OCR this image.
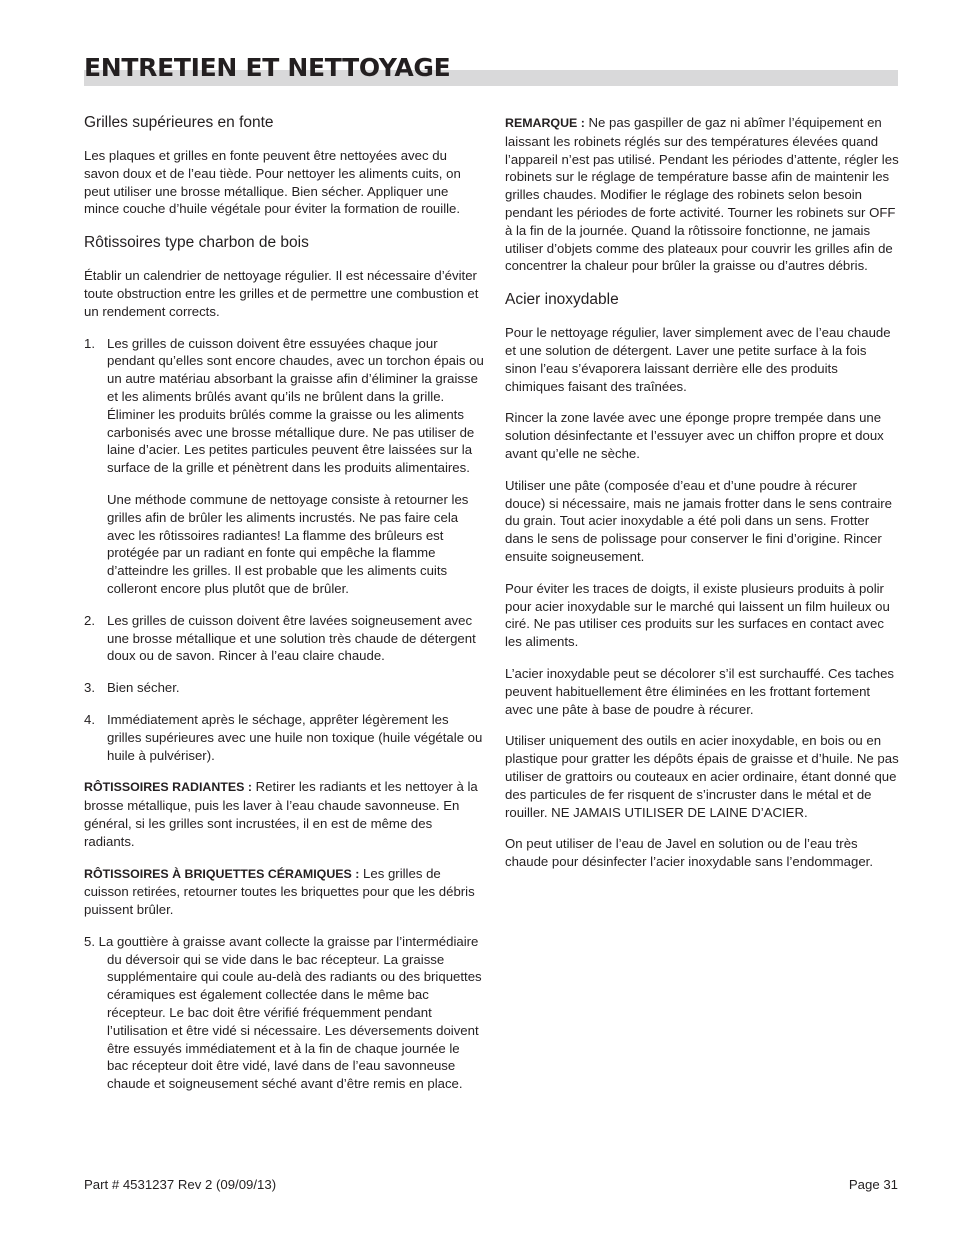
ENTRETIEN ET NETTOYAGE
Grilles supérieures en fonte

Les plaques et grilles en fonte peuvent être nettoyées avec du savon doux et de l’eau tiède. Pour nettoyer les aliments cuits, on peut utiliser une brosse métallique. Bien sécher. Appliquer une mince couche d’huile végétale pour éviter la formation de rouille.

Rôtissoires type charbon de bois

Établir un calendrier de nettoyage régulier. Il est nécessaire d’éviter toute obstruction entre les grilles et de permettre une combustion et un rendement corrects.

1. Les grilles de cuisson doivent être essuyées chaque jour pendant qu’elles sont encore chaudes, avec un torchon épais ou un autre matériau absorbant la graisse afin d’éliminer la graisse et les aliments brûlés avant qu’ils ne brûlent dans la grille. Éliminer les produits brûlés comme la graisse ou les aliments carbonisés avec une brosse métallique dure. Ne pas utiliser de laine d’acier. Les petites particules peuvent être laissées sur la surface de la grille et pénètrent dans les produits alimentaires.
Une méthode commune de nettoyage consiste à retourner les grilles afin de brûler les aliments incrustés. Ne pas faire cela avec les rôtissoires radiantes! La flamme des brûleurs est protégée par un radiant en fonte qui empêche la flamme d’atteindre les grilles. Il est probable que les aliments cuits colleront encore plus plutôt que de brûler.
2. Les grilles de cuisson doivent être lavées soigneusement avec une brosse métallique et une solution très chaude de détergent doux ou de savon. Rincer à l’eau claire chaude.
3. Bien sécher.
4. Immédiatement après le séchage, apprêter légèrement les grilles supérieures avec une huile non toxique (huile végétale ou huile à pulvériser).

RÔTISSOIRES RADIANTES : Retirer les radiants et les nettoyer à la brosse métallique, puis les laver à l’eau chaude savonneuse. En général, si les grilles sont incrustées, il en est de même des radiants.

RÔTISSOIRES À BRIQUETTES CÉRAMIQUES : Les grilles de cuisson retirées, retourner toutes les briquettes pour que les débris puissent brûler.

5. La gouttière à graisse avant collecte la graisse par l’intermédiaire du déversoir qui se vide dans le bac récepteur. La graisse supplémentaire qui coule au-delà des radiants ou des briquettes céramiques est également collectée dans le même bac récepteur. Le bac doit être vérifié fréquemment pendant l’utilisation et être vidé si nécessaire. Les déversements doivent être essuyés immédiatement et à la fin de chaque journée le bac récepteur doit être vidé, lavé dans de l’eau savonneuse chaude et soigneusement séché avant d’être remis en place.

REMARQUE : Ne pas gaspiller de gaz ni abîmer l’équipement en laissant les robinets réglés sur des températures élevées quand l’appareil n’est pas utilisé. Pendant les périodes d’attente, régler les robinets sur le réglage de température basse afin de maintenir les grilles chaudes. Modifier le réglage des robinets selon besoin pendant les périodes de forte activité. Tourner les robinets sur OFF à la fin de la journée. Quand la rôtissoire fonctionne, ne jamais utiliser d’objets comme des plateaux pour couvrir les grilles afin de concentrer la chaleur pour brûler la graisse ou d’autres débris.

Acier inoxydable

Pour le nettoyage régulier, laver simplement avec de l’eau chaude et une solution de détergent. Laver une petite surface à la fois sinon l’eau s’évaporera laissant derrière elle des produits chimiques faisant des traînées.

Rincer la zone lavée avec une éponge propre trempée dans une solution désinfectante et l’essuyer avec un chiffon propre et doux avant qu’elle ne sèche.

Utiliser une pâte (composée d’eau et d’une poudre à récurer douce) si nécessaire, mais ne jamais frotter dans le sens contraire du grain. Tout acier inoxydable a été poli dans un sens. Frotter dans le sens de polissage pour conserver le fini d’origine. Rincer ensuite soigneusement.

Pour éviter les traces de doigts, il existe plusieurs produits à polir pour acier inoxydable sur le marché qui laissent un film huileux ou ciré. Ne pas utiliser ces produits sur les surfaces en contact avec les aliments.

L’acier inoxydable peut se décolorer s’il est surchauffé. Ces taches peuvent habituellement être éliminées en les frottant fortement avec une pâte à base de poudre à récurer.

Utiliser uniquement des outils en acier inoxydable, en bois ou en plastique pour gratter les dépôts épais de graisse et d’huile. Ne pas utiliser de grattoirs ou couteaux en acier ordinaire, étant donné que des particules de fer risquent de s’incruster dans le métal et de rouiller. NE JAMAIS UTILISER DE LAINE D’ACIER.

On peut utiliser de l’eau de Javel en solution ou de l’eau très chaude pour désinfecter l’acier inoxydable sans l’endommager.

Part # 4531237 Rev 2 (09/09/13)	Page 31
